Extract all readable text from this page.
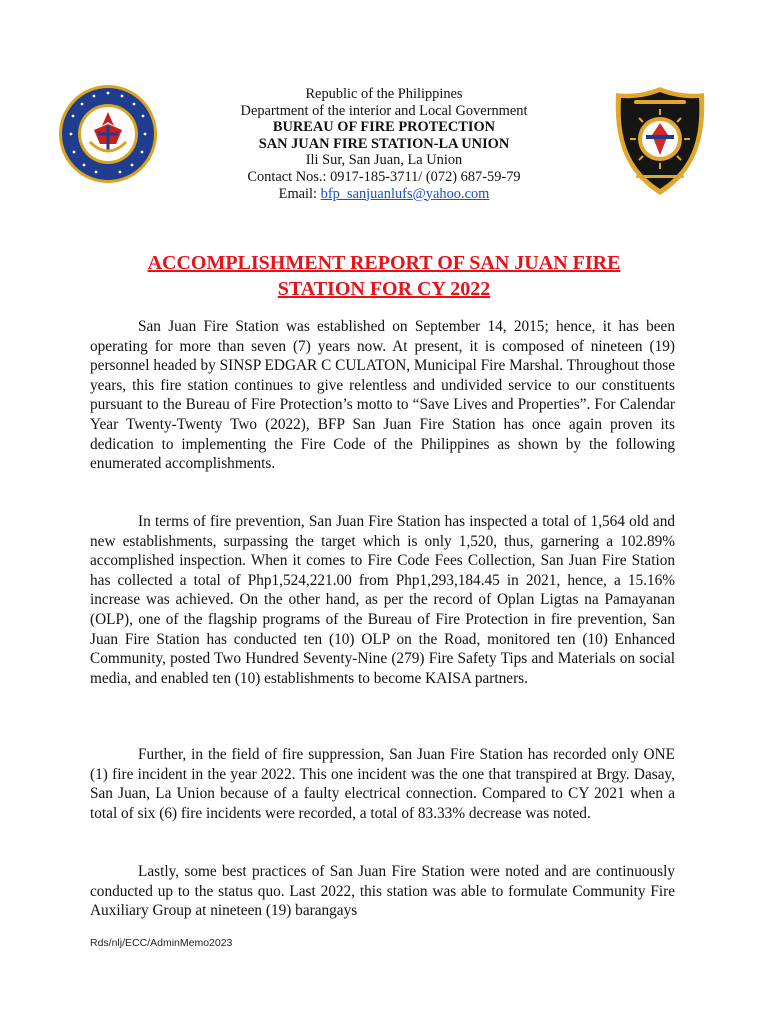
Republic of the Philippines
Department of the interior and Local Government
BUREAU OF FIRE PROTECTION
SAN JUAN FIRE STATION-LA UNION
Ili Sur, San Juan, La Union
Contact Nos.: 0917-185-3711/ (072) 687-59-79
Email: bfp_sanjuanlufs@yahoo.com
ACCOMPLISHMENT REPORT OF SAN JUAN FIRE
STATION FOR CY 2022

San Juan Fire Station was established on September 14, 2015; hence, it has been operating for more than seven (7) years now. At present, it is composed of nineteen (19) personnel headed by SINSP EDGAR C CULATON, Municipal Fire Marshal. Throughout those years, this fire station continues to give relentless and undivided service to our constituents pursuant to the Bureau of Fire Protection’s motto to “Save Lives and Properties”. For Calendar Year Twenty-Twenty Two (2022), BFP San Juan Fire Station has once again proven its dedication to implementing the Fire Code of the Philippines as shown by the following enumerated accomplishments.

In terms of fire prevention, San Juan Fire Station has inspected a total of 1,564 old and new establishments, surpassing the target which is only 1,520, thus, garnering a 102.89% accomplished inspection. When it comes to Fire Code Fees Collection, San Juan Fire Station has collected a total of Php1,524,221.00 from Php1,293,184.45 in 2021, hence, a 15.16% increase was achieved. On the other hand, as per the record of Oplan Ligtas na Pamayanan (OLP), one of the flagship programs of the Bureau of Fire Protection in fire prevention, San Juan Fire Station has conducted ten (10) OLP on the Road, monitored ten (10) Enhanced Community, posted Two Hundred Seventy-Nine (279) Fire Safety Tips and Materials on social media, and enabled ten (10) establishments to become KAISA partners.

Further, in the field of fire suppression, San Juan Fire Station has recorded only ONE (1) fire incident in the year 2022. This one incident was the one that transpired at Brgy. Dasay, San Juan, La Union because of a faulty electrical connection. Compared to CY 2021 when a total of six (6) fire incidents were recorded, a total of 83.33% decrease was noted.

Lastly, some best practices of San Juan Fire Station were noted and are continuously conducted up to the status quo. Last 2022, this station was able to formulate Community Fire Auxiliary Group at nineteen (19) barangays

Rds/nlj/ECC/AdminMemo2023
